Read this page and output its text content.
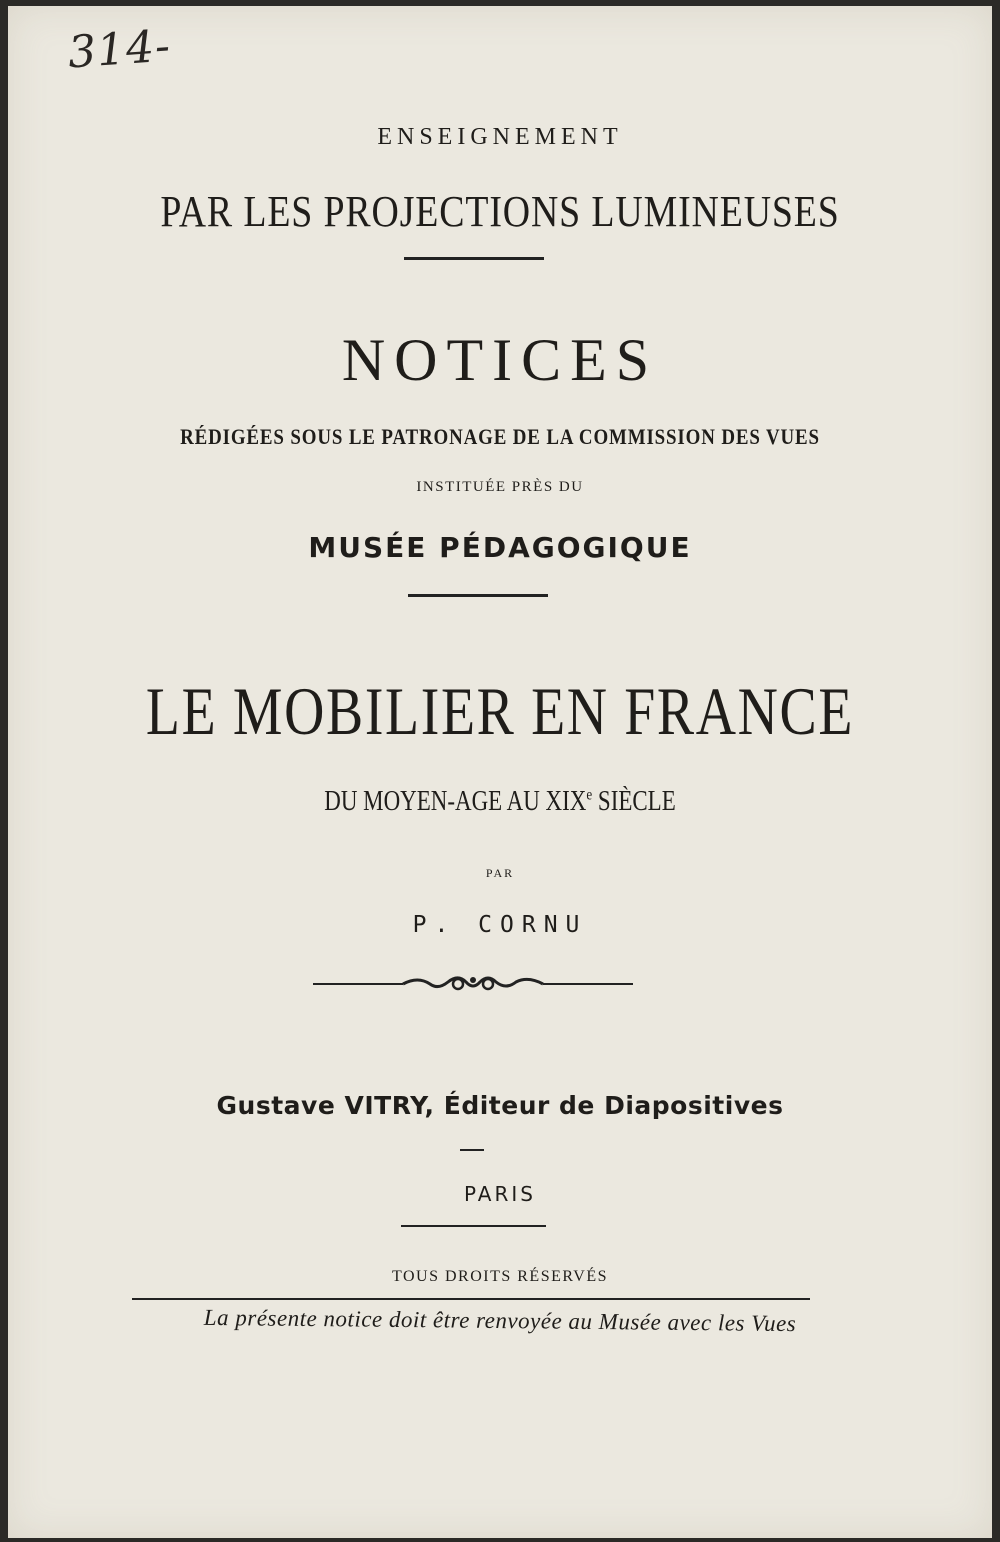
314-

ENSEIGNEMENT

PAR LES PROJECTIONS LUMINEUSES

NOTICES

RÉDIGÉES SOUS LE PATRONAGE DE LA COMMISSION DES VUES

INSTITUÉE PRÈS DU

MUSÉE PÉDAGOGIQUE

LE MOBILIER EN FRANCE

DU MOYEN-AGE AU XIXe SIÈCLE

PAR

P. CORNU

Gustave VITRY, Éditeur de Diapositives

PARIS

TOUS DROITS RÉSERVÉS

La présente notice doit être renvoyée au Musée avec les Vues
